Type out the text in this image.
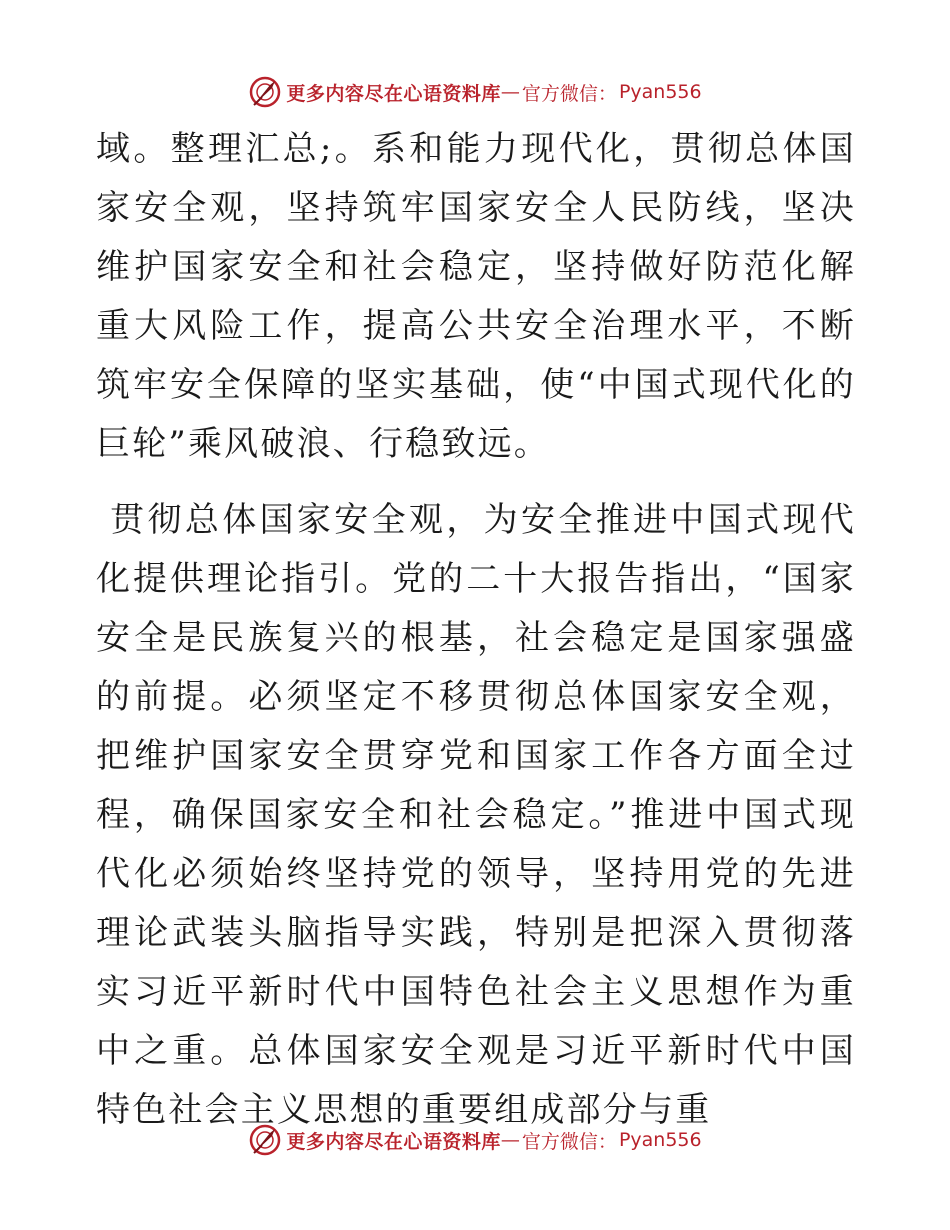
更多内容尽在心语资料库 — 官方微信： Pyan556

域。整理汇总;。系和能力现代化，贯彻总体国家安全观，坚持筑牢国家安全人民防线，坚决维护国家安全和社会稳定，坚持做好防范化解重大风险工作，提高公共安全治理水平，不断筑牢安全保障的坚实基础，使“中国式现代化的巨轮”乘风破浪、行稳致远。

贯彻总体国家安全观，为安全推进中国式现代化提供理论指引。党的二十大报告指出，“国家安全是民族复兴的根基，社会稳定是国家强盛的前提。必须坚定不移贯彻总体国家安全观，把维护国家安全贯穿党和国家工作各方面全过程，确保国家安全和社会稳定。”推进中国式现代化必须始终坚持党的领导，坚持用党的先进理论武装头脑指导实践，特别是把深入贯彻落实习近平新时代中国特色社会主义思想作为重中之重。总体国家安全观是习近平新时代中国特色社会主义思想的重要组成部分与重

更多内容尽在心语资料库 — 官方微信： Pyan556
